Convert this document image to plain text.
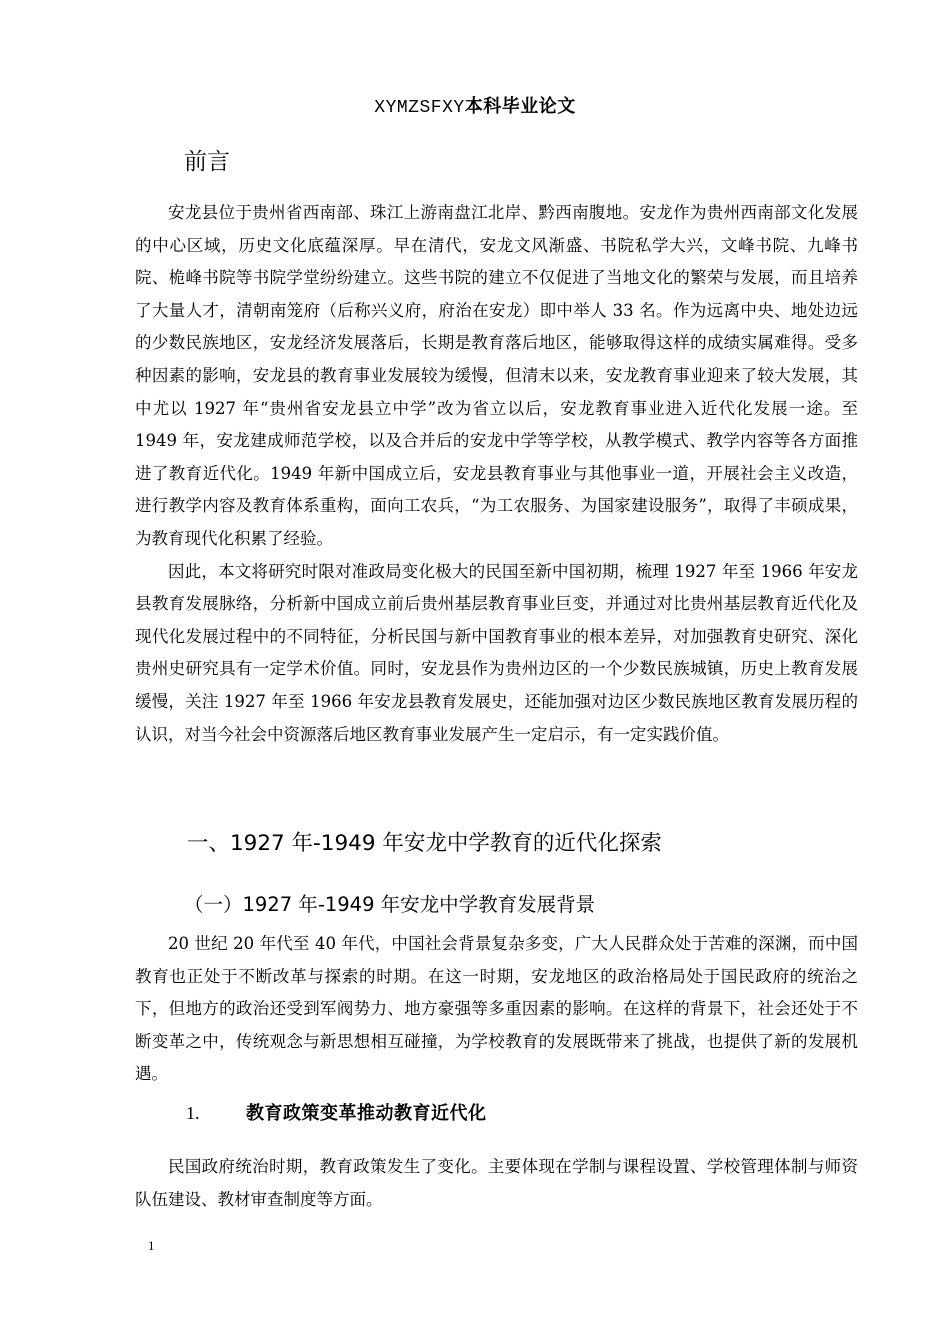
XYMZSFXY本科毕业论文
前言

安龙县位于贵州省西南部、珠江上游南盘江北岸、黔西南腹地。安龙作为贵州西南部文化发展的中心区域，历史文化底蕴深厚。早在清代，安龙文风渐盛、书院私学大兴，文峰书院、九峰书院、桅峰书院等书院学堂纷纷建立。这些书院的建立不仅促进了当地文化的繁荣与发展，而且培养了大量人才，清朝南笼府（后称兴义府，府治在安龙）即中举人 33 名。作为远离中央、地处边远的少数民族地区，安龙经济发展落后，长期是教育落后地区，能够取得这样的成绩实属难得。受多种因素的影响，安龙县的教育事业发展较为缓慢，但清末以来，安龙教育事业迎来了较大发展，其中尤以 1927 年“贵州省安龙县立中学”改为省立以后，安龙教育事业进入近代化发展一途。至 1949 年，安龙建成师范学校，以及合并后的安龙中学等学校，从教学模式、教学内容等各方面推进了教育近代化。1949 年新中国成立后，安龙县教育事业与其他事业一道，开展社会主义改造，进行教学内容及教育体系重构，面向工农兵，“为工农服务、为国家建设服务”，取得了丰硕成果，为教育现代化积累了经验。

因此，本文将研究时限对准政局变化极大的民国至新中国初期，梳理 1927 年至 1966 年安龙县教育发展脉络，分析新中国成立前后贵州基层教育事业巨变，并通过对比贵州基层教育近代化及现代化发展过程中的不同特征，分析民国与新中国教育事业的根本差异，对加强教育史研究、深化贵州史研究具有一定学术价值。同时，安龙县作为贵州边区的一个少数民族城镇，历史上教育发展缓慢，关注 1927 年至 1966 年安龙县教育发展史，还能加强对边区少数民族地区教育发展历程的认识，对当今社会中资源落后地区教育事业发展产生一定启示，有一定实践价值。

一、1927 年-1949 年安龙中学教育的近代化探索
（一）1927 年-1949 年安龙中学教育发展背景

20 世纪 20 年代至 40 年代，中国社会背景复杂多变，广大人民群众处于苦难的深渊，而中国教育也正处于不断改革与探索的时期。在这一时期，安龙地区的政治格局处于国民政府的统治之下，但地方的政治还受到军阀势力、地方豪强等多重因素的影响。在这样的背景下，社会还处于不断变革之中，传统观念与新思想相互碰撞，为学校教育的发展既带来了挑战，也提供了新的发展机遇。

1.	教育政策变革推动教育近代化

民国政府统治时期，教育政策发生了变化。主要体现在学制与课程设置、学校管理体制与师资队伍建设、教材审查制度等方面。

1
